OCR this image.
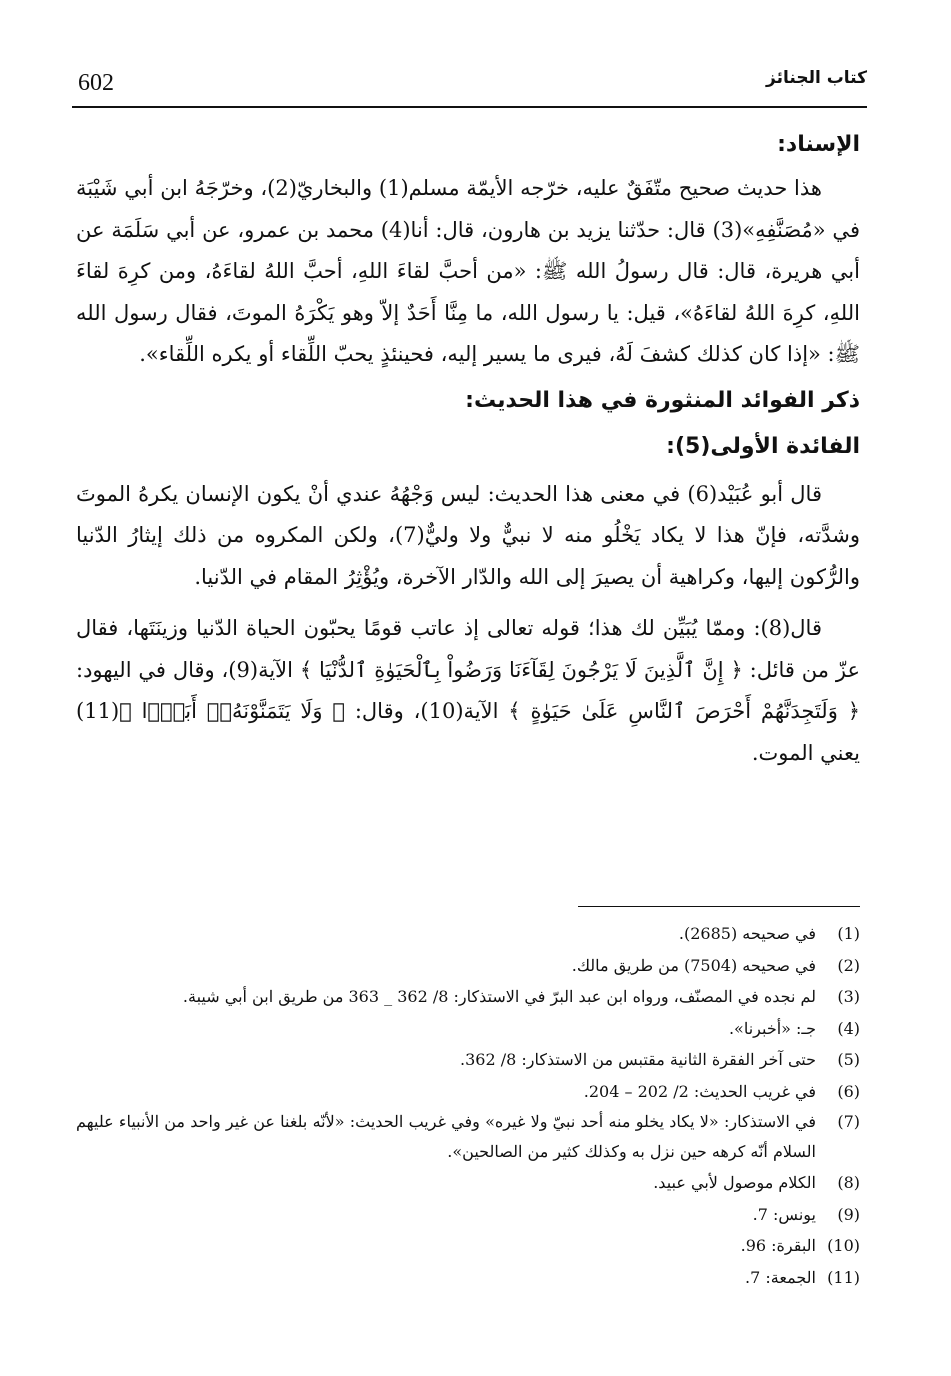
602	كتاب الجنائز
الإسناد:

هذا حديث صحيح متّفَقٌ عليه، خرّجه الأيمّة مسلم(1) والبخاريّ(2)، وخرّجَهُ ابن أبي شَيْبَة في «مُصَنَّفِهِ»(3) قال: حدّثنا يزيد بن هارون، قال: أنا(4) محمد بن عمرو، عن أبي سَلَمَة عن أبي هريرة، قال: قال رسولُ الله ﷺ: «من أحبَّ لقاءَ اللهِ، أحبَّ اللهُ لقاءَهُ، ومن كرِهَ لقاءَ اللهِ، كرِهَ اللهُ لقاءَهُ»، قيل: يا رسول الله، ما مِنَّا أَحَدٌ إلاّ وهو يَكْرَهُ الموتَ، فقال رسول الله ﷺ: «إذا كان كذلك كشفَ لَهُ، فيرى ما يسير إليه، فحينئذٍ يحبّ اللِّقاء أو يكره اللِّقاء».

ذكر الفوائد المنثورة في هذا الحديث:
الفائدة الأولى(5):

قال أبو عُبَيْد(6) في معنى هذا الحديث: ليس وَجْهُهُ عندي أنْ يكون الإنسان يكرهُ الموتَ وشدَّته، فإنّ هذا لا يكاد يَخْلُو منه لا نبيٌّ ولا وليٌّ(7)، ولكن المكروه من ذلك إيثارُ الدّنيا والرُّكون إليها، وكراهية أن يصيرَ إلى الله والدّار الآخرة، ويُؤْثِرُ المقام في الدّنيا.

قال(8): وممّا يُبَيِّن لك هذا؛ قوله تعالى إذ عاتب قومًا يحبّون الحياة الدّنيا وزينَتَها، فقال عزّ من قائل: ﴿ إِنَّ ٱلَّذِينَ لَا يَرْجُونَ لِقَآءَنَا وَرَضُواْ بِٱلْحَيَوٰةِ ٱلدُّنْيَا ﴾ الآية(9)، وقال في اليهود: ﴿ وَلَتَجِدَنَّهُمْ أَحْرَصَ ٱلنَّاسِ عَلَىٰ حَيَوٰةٍ ﴾ الآية(10)، وقال: ﴿ وَلَا يَتَمَنَّوْنَهُۥٓ أَبَدًۢا ﴾(11) يعني الموت.

(1)
في صحيحه (2685).
(2)
في صحيحه (7504) من طريق مالك.
(3)
لم نجده في المصنّف، ورواه ابن عبد البرّ في الاستذكار: 8/ 362 _ 363 من طريق ابن أبي شيبة.
(4)
جـ: «أخبرنا».
(5)
حتى آخر الفقرة الثانية مقتبس من الاستذكار: 8/ 362.
(6)
في غريب الحديث: 2/ 202 – 204.
(7)
في الاستذكار: «لا يكاد يخلو منه أحد نبيّ ولا غيره» وفي غريب الحديث: «لأنّه بلغنا عن غير واحد من الأنبياء عليهم السلام أنّه كرهه حين نزل به وكذلك كثير من الصالحين».
(8)
الكلام موصول لأبي عبيد.
(9)
يونس: 7.
(10)
البقرة: 96.
(11)
الجمعة: 7.
